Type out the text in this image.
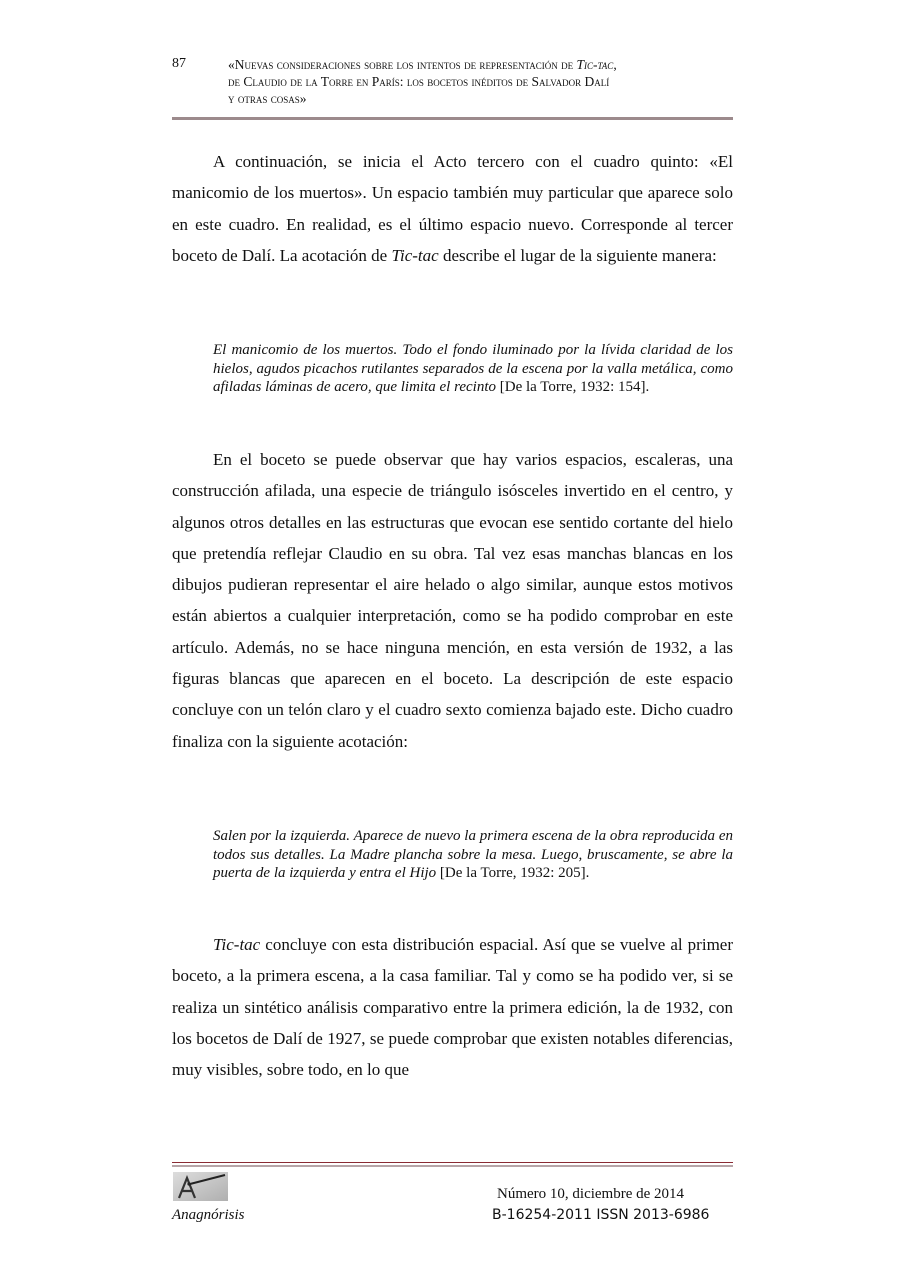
87	«Nuevas consideraciones sobre los intentos de representación de Tic-tac,
de Claudio de la Torre en París: los bocetos inéditos de Salvador Dalí
y otras cosas»

A continuación, se inicia el Acto tercero con el cuadro quinto: «El manicomio de los muertos». Un espacio también muy particular que aparece solo en este cuadro. En realidad, es el último espacio nuevo. Corresponde al tercer boceto de Dalí. La acotación de Tic-tac describe el lugar de la siguiente manera:

El manicomio de los muertos. Todo el fondo iluminado por la lívida claridad de los hielos, agudos picachos rutilantes separados de la escena por la valla metálica, como afiladas láminas de acero, que limita el recinto [De la Torre, 1932: 154].

En el boceto se puede observar que hay varios espacios, escaleras, una construcción afilada, una especie de triángulo isósceles invertido en el centro, y algunos otros detalles en las estructuras que evocan ese sentido cortante del hielo que pretendía reflejar Claudio en su obra. Tal vez esas manchas blancas en los dibujos pudieran representar el aire helado o algo similar, aunque estos motivos están abiertos a cualquier interpretación, como se ha podido comprobar en este artículo. Además, no se hace ninguna mención, en esta versión de 1932, a las figuras blancas que aparecen en el boceto. La descripción de este espacio concluye con un telón claro y el cuadro sexto comienza bajado este. Dicho cuadro finaliza con la siguiente acotación:

Salen por la izquierda. Aparece de nuevo la primera escena de la obra reproducida en todos sus detalles. La Madre plancha sobre la mesa. Luego, bruscamente, se abre la puerta de la izquierda y entra el Hijo [De la Torre, 1932: 205].

Tic-tac concluye con esta distribución espacial. Así que se vuelve al primer boceto, a la primera escena, a la casa familiar. Tal y como se ha podido ver, si se realiza un sintético análisis comparativo entre la primera edición, la de 1932, con los bocetos de Dalí de 1927, se puede comprobar que existen notables diferencias, muy visibles, sobre todo, en lo que

Anagnórisis
Número 10, diciembre de 2014
B-16254-2011 ISSN 2013-6986
